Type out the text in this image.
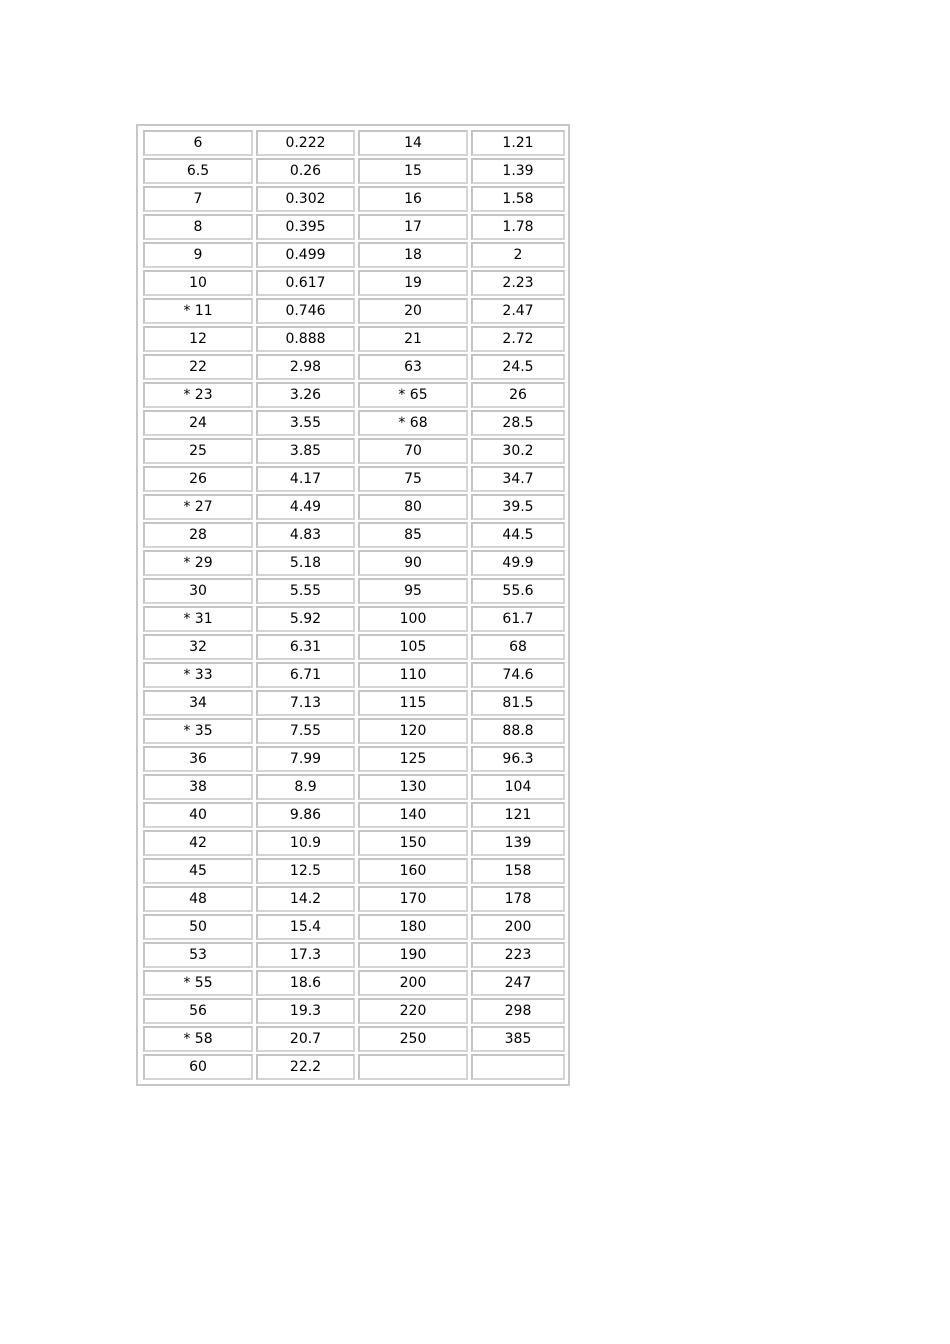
6	0.222	14	1.21
6.5	0.26	15	1.39
7	0.302	16	1.58
8	0.395	17	1.78
9	0.499	18	2
10	0.617	19	2.23
* 11	0.746	20	2.47
12	0.888	21	2.72
22	2.98	63	24.5
* 23	3.26	* 65	26
24	3.55	* 68	28.5
25	3.85	70	30.2
26	4.17	75	34.7
* 27	4.49	80	39.5
28	4.83	85	44.5
* 29	5.18	90	49.9
30	5.55	95	55.6
* 31	5.92	100	61.7
32	6.31	105	68
* 33	6.71	110	74.6
34	7.13	115	81.5
* 35	7.55	120	88.8
36	7.99	125	96.3
38	8.9	130	104
40	9.86	140	121
42	10.9	150	139
45	12.5	160	158
48	14.2	170	178
50	15.4	180	200
53	17.3	190	223
* 55	18.6	200	247
56	19.3	220	298
* 58	20.7	250	385
60	22.2		
